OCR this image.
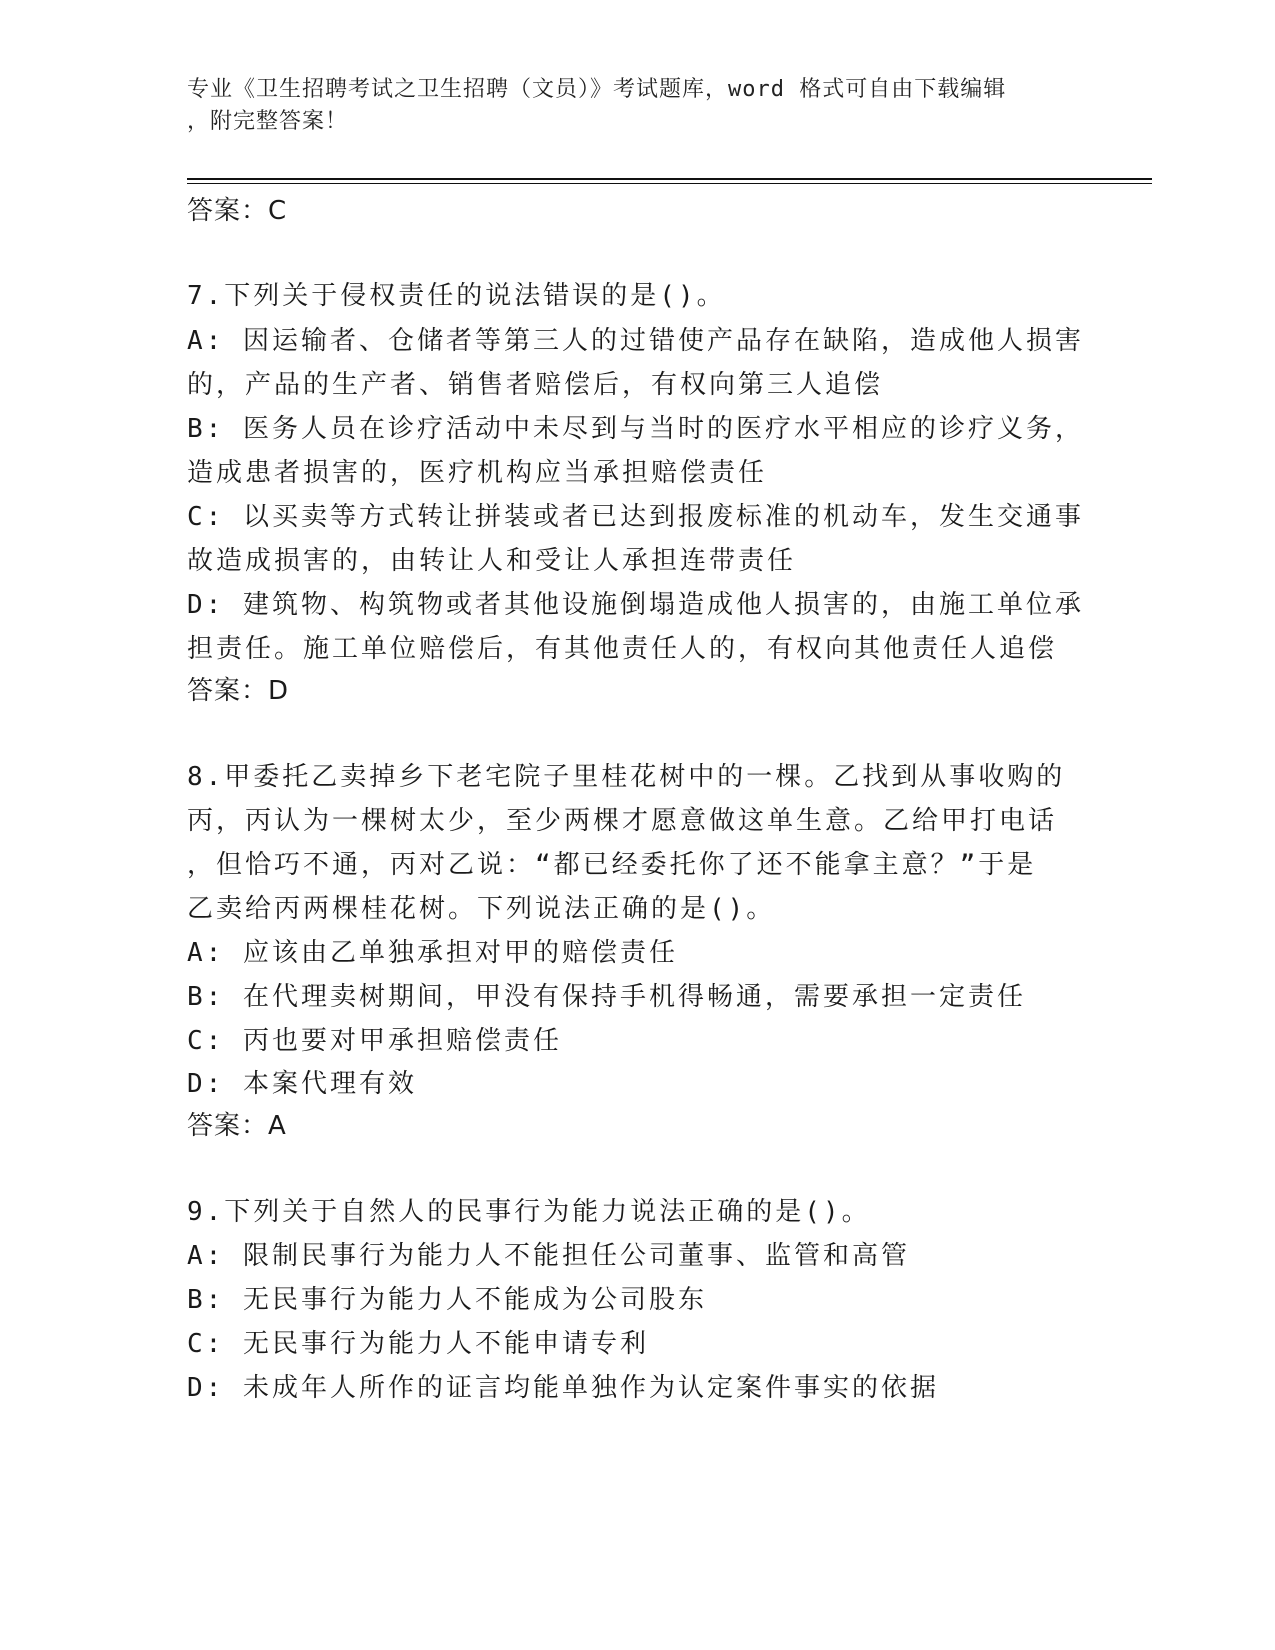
专业《卫生招聘考试之卫生招聘（文员）》考试题库，word 格式可自由下载编辑
，附完整答案！
答案：C
7.下列关于侵权责任的说法错误的是()。
A: 因运输者、仓储者等第三人的过错使产品存在缺陷，造成他人损害
的，产品的生产者、销售者赔偿后，有权向第三人追偿
B: 医务人员在诊疗活动中未尽到与当时的医疗水平相应的诊疗义务，
造成患者损害的，医疗机构应当承担赔偿责任
C: 以买卖等方式转让拼装或者已达到报废标准的机动车，发生交通事
故造成损害的，由转让人和受让人承担连带责任
D: 建筑物、构筑物或者其他设施倒塌造成他人损害的，由施工单位承
担责任。施工单位赔偿后，有其他责任人的，有权向其他责任人追偿
答案：D
8.甲委托乙卖掉乡下老宅院子里桂花树中的一棵。乙找到从事收购的
丙，丙认为一棵树太少，至少两棵才愿意做这单生意。乙给甲打电话
，但恰巧不通，丙对乙说：“都已经委托你了还不能拿主意？”于是
乙卖给丙两棵桂花树。下列说法正确的是()。
A: 应该由乙单独承担对甲的赔偿责任
B: 在代理卖树期间，甲没有保持手机得畅通，需要承担一定责任
C: 丙也要对甲承担赔偿责任
D: 本案代理有效
答案：A
9.下列关于自然人的民事行为能力说法正确的是()。
A: 限制民事行为能力人不能担任公司董事、监管和高管
B: 无民事行为能力人不能成为公司股东
C: 无民事行为能力人不能申请专利
D: 未成年人所作的证言均能单独作为认定案件事实的依据
